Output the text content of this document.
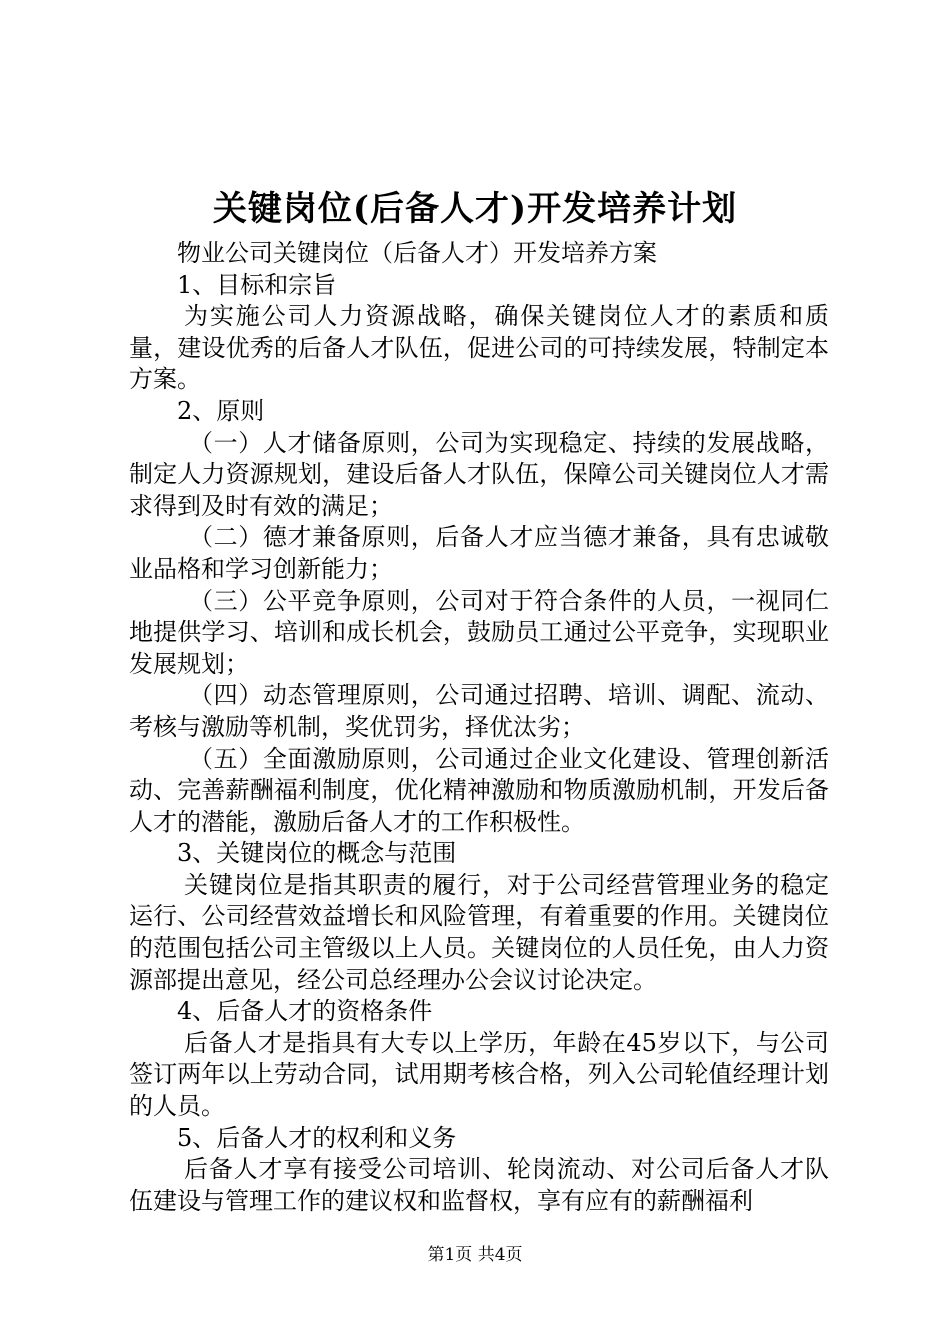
关键岗位(后备人才)开发培养计划

物业公司关键岗位（后备人才）开发培养方案

1、目标和宗旨

为实施公司人力资源战略，确保关键岗位人才的素质和质量，建设优秀的后备人才队伍，促进公司的可持续发展，特制定本方案。

2、原则

（一）人才储备原则，公司为实现稳定、持续的发展战略，制定人力资源规划，建设后备人才队伍，保障公司关键岗位人才需求得到及时有效的满足；

（二）德才兼备原则，后备人才应当德才兼备，具有忠诚敬业品格和学习创新能力；

（三）公平竞争原则，公司对于符合条件的人员，一视同仁地提供学习、培训和成长机会，鼓励员工通过公平竞争，实现职业发展规划；

（四）动态管理原则，公司通过招聘、培训、调配、流动、考核与激励等机制，奖优罚劣，择优汰劣；

（五）全面激励原则，公司通过企业文化建设、管理创新活动、完善薪酬福利制度，优化精神激励和物质激励机制，开发后备人才的潜能，激励后备人才的工作积极性。

3、关键岗位的概念与范围

关键岗位是指其职责的履行，对于公司经营管理业务的稳定运行、公司经营效益增长和风险管理，有着重要的作用。关键岗位的范围包括公司主管级以上人员。关键岗位的人员任免，由人力资源部提出意见，经公司总经理办公会议讨论决定。

4、后备人才的资格条件

后备人才是指具有大专以上学历，年龄在45岁以下，与公司签订两年以上劳动合同，试用期考核合格，列入公司轮值经理计划的人员。

5、后备人才的权利和义务

后备人才享有接受公司培训、轮岗流动、对公司后备人才队伍建设与管理工作的建议权和监督权，享有应有的薪酬福利

第1页 共4页
